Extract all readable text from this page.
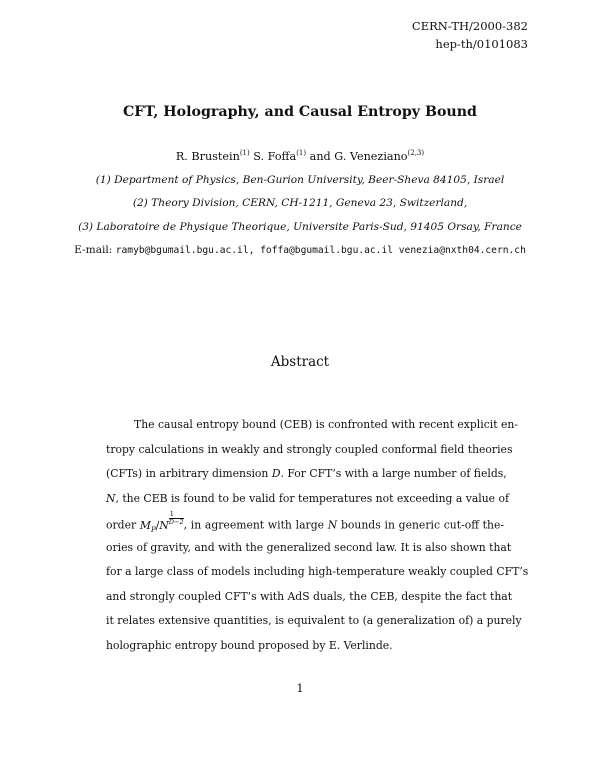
CERN-TH/2000-382
hep-th/0101083
CFT, Holography, and Causal Entropy Bound
R. Brustein$^{(1)}$ S. Foffa$^{(1)}$ and G. Veneziano$^{(2,3)}$
(1) Department of Physics, Ben-Gurion University, Beer-Sheva 84105, Israel
(2) Theory Division, CERN, CH-1211, Geneva 23, Switzerland,
(3) Laboratoire de Physique Theorique, Universite Paris-Sud, 91405 Orsay, France
E-mail: ramyb@bgumail.bgu.ac.il, foffa@bgumail.bgu.ac.il venezia@nxth04.cern.ch
Abstract
The causal entropy bound (CEB) is confronted with recent explicit en-
tropy calculations in weakly and strongly coupled conformal field theories
(CFTs) in arbitrary dimension D. For CFT’s with a large number of fields,
N, the CEB is found to be valid for temperatures not exceeding a value of
order $M_P/N \frac{1}{D-2}$ , in agreement with large N bounds in generic cut-off the-
ories of gravity, and with the generalized second law. It is also shown that
for a large class of models including high-temperature weakly coupled CFT’s
and strongly coupled CFT’s with AdS duals, the CEB, despite the fact that
it relates extensive quantities, is equivalent to (a generalization of) a purely
holographic entropy bound proposed by E. Verlinde.
1
